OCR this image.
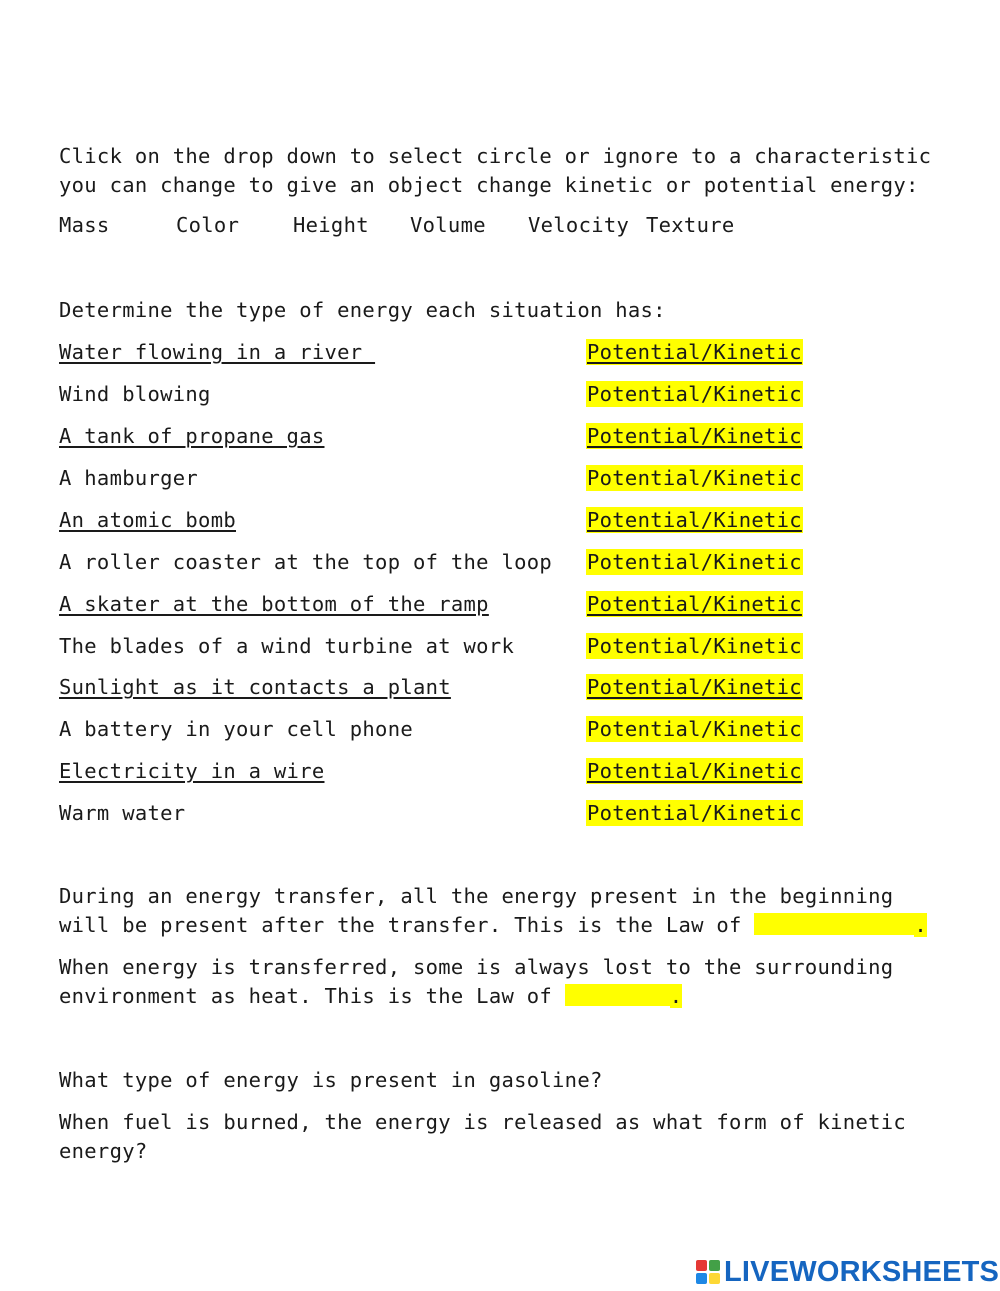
Click on the drop down to select circle or ignore to a characteristic
you can change to give an object change kinetic or potential energy:
Mass	Color	Height Volume Velocity Texture
Determine the type of energy each situation has:
Water flowing in a river	Potential/Kinetic
Wind blowing	Potential/Kinetic
A tank of propane gas	Potential/Kinetic
A hamburger	Potential/Kinetic
An atomic bomb	Potential/Kinetic
A roller coaster at the top of the loop Potential/Kinetic
A skater at the bottom of the ramp	Potential/Kinetic
The blades of a wind turbine at work	Potential/Kinetic
Sunlight as it contacts a plant	Potential/Kinetic
A battery in your cell phone	Potential/Kinetic
Electricity in a wire	Potential/Kinetic
Warm water	Potential/Kinetic
During an energy transfer, all the energy present in the beginning
will be present after the transfer. This is the Law of	.
When energy is transferred, some is always lost to the surrounding
environment as heat. This is the Law of	.
What type of energy is present in gasoline?
When fuel is burned, the energy is released as what form of kinetic
energy?
LIVEWORKSHEETS
